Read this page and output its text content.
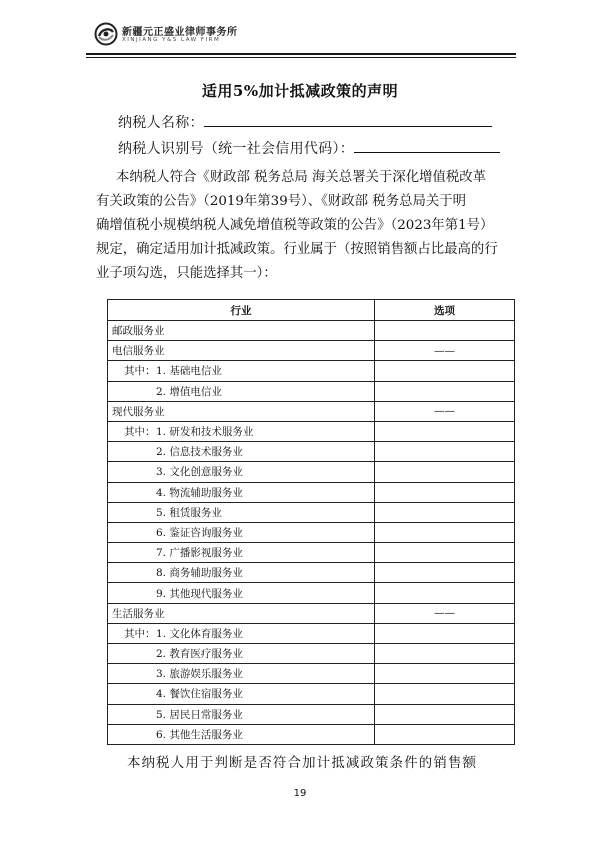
新疆元正盛业律师事务所
XINJIANG Y&S LAW FIRM
适用5%加计抵减政策的声明
纳税人名称：
纳税人识别号（统一社会信用代码）：
本纳税人符合《财政部 税务总局 海关总署关于深化增值税改革
有关政策的公告》（2019年第39号）、《财政部 税务总局关于明
确增值税小规模纳税人减免增值税等政策的公告》（2023年第1号）
规定，确定适用加计抵减政策。行业属于（按照销售额占比最高的行
业子项勾选，只能选择其一）：
行业	选项
邮政服务业	
电信服务业	——
其中：1. 基础电信业	
2. 增值电信业	
现代服务业	——
其中：1. 研发和技术服务业	
2. 信息技术服务业	
3. 文化创意服务业	
4. 物流辅助服务业	
5. 租赁服务业	
6. 鉴证咨询服务业	
7. 广播影视服务业	
8. 商务辅助服务业	
9. 其他现代服务业	
生活服务业	——
其中：1. 文化体育服务业	
2. 教育医疗服务业	
3. 旅游娱乐服务业	
4. 餐饮住宿服务业	
5. 居民日常服务业	
6. 其他生活服务业	
本纳税人用于判断是否符合加计抵减政策条件的销售额
19
